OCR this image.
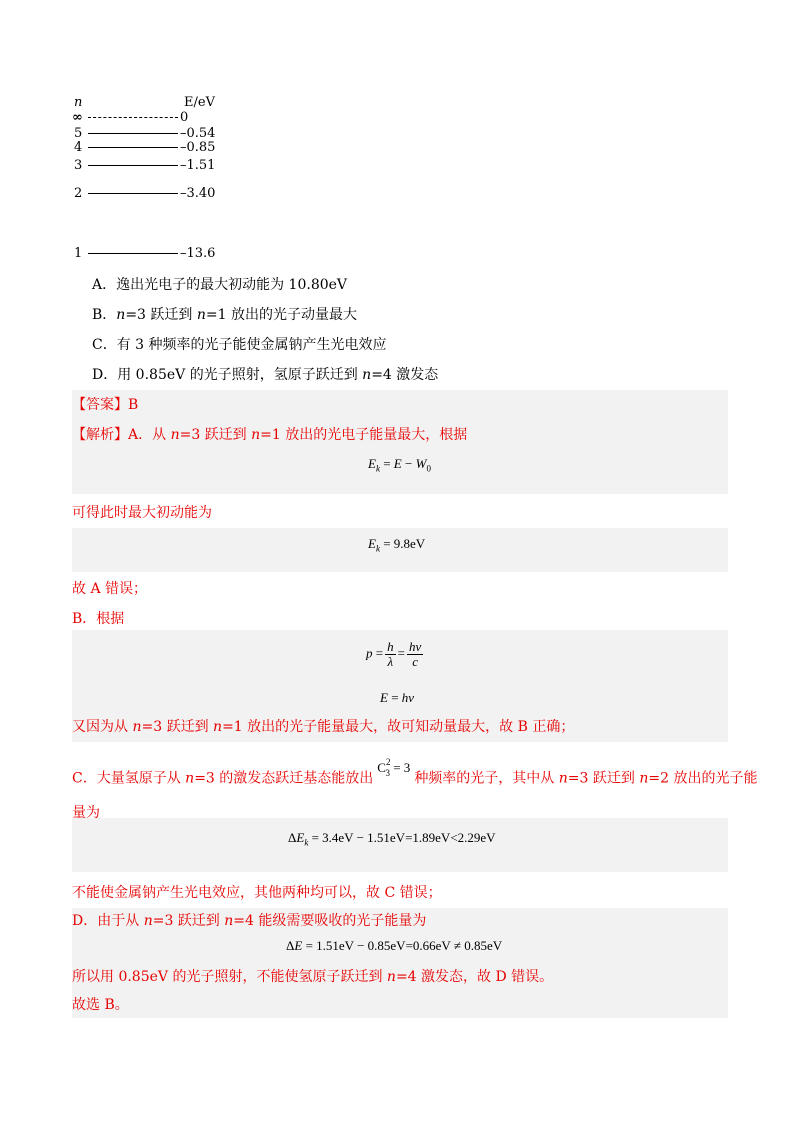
n	E/eV
∞	0
5	–0.54
4	–0.85
3	–1.51
2	–3.40
1	–13.6
A．逸出光电子的最大初动能为 10.80eV
B．n=3 跃迁到 n=1 放出的光子动量最大
C．有 3 种频率的光子能使金属钠产生光电效应
D．用 0.85eV 的光子照射，氢原子跃迁到 n=4 激发态
【答案】B
【解析】A．从 n=3 跃迁到 n=1 放出的光电子能量最大，根据
$E_k = E - W_0$
可得此时最大初动能为
$E_k = 9.8eV$
故 A 错误；
B．根据
$p = \frac{h}{\lambda} = \frac{h\nu}{c}$
E = hν
又因为从 n=3 跃迁到 n=1 放出的光子能量最大，故可知动量最大，故 B 正确；
C．大量氢原子从 n=3 的激发态跃迁基态能放出$C^2_3 = 3$种频率的光子，其中从 n=3 跃迁到 n=2 放出的光子能
量为
$\Delta E_k = 3.4eV - 1.51eV=1.89eV<2.29eV$
不能使金属钠产生光电效应，其他两种均可以，故 C 错误；
D．由于从 n=3 跃迁到 n=4 能级需要吸收的光子能量为
ΔE = 1.51eV − 0.85eV=0.66eV ≠ 0.85eV
所以用 0.85eV 的光子照射，不能使氢原子跃迁到 n=4 激发态，故 D 错误。
故选 B。
